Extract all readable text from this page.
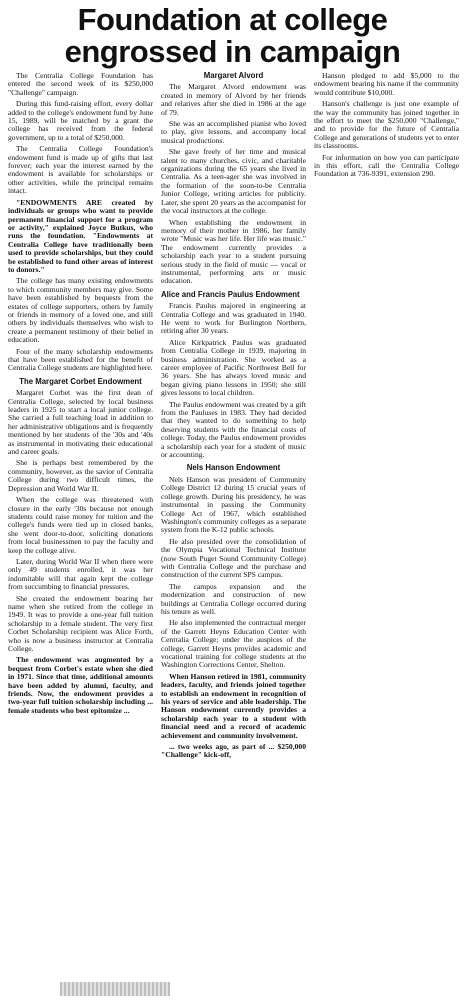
Foundation at college engrossed in campaign

The Centralia College Foundation has entered the second week of its $250,000 "Challenge" campaign.

During this fund-raising effort, every dollar added to the college's endowment fund by June 15, 1989, will be matched by a grant the college has received from the federal government, up to a total of $250,000.

The Centralia College Foundation's endowment fund is made up of gifts that last forever; each year the interest earned by the endowment is available for scholarships or other activities, while the principal remains intact.

"ENDOWMENTS ARE created by individuals or groups who want to provide permanent financial support for a program or activity," explained Joyce Butkus, who runs the foundation. "Endowments at Centralia College have traditionally been used to provide scholarships, but they could be established to fund other areas of interest to donors."

The college has many existing endowments to which community members may give. Some have been established by bequests from the estates of college supporters, others by family or friends in memory of a loved one, and still others by individuals themselves who wish to create a permanent testimony of their belief in education.

Four of the many scholarship endowments that have been established for the benefit of Centralia College students are highlighted here.

The Margaret Corbet Endowment

Margaret Corbet was the first dean of Centralia College, selected by local business leaders in 1925 to start a local junior college. She carried a full teaching load in addition to her administrative obligations and is frequently mentioned by her students of the '30s and '40s as instrumental in motivating their educational and career goals.

She is perhaps best remembered by the community, however, as the savior of Centralia College during two difficult times, the Depression and World War II.

When the college was threatened with closure in the early '30s because not enough students could raise money for tuition and the college's funds were tied up in closed banks, she went door-to-door, soliciting donations from local businessmen to pay the faculty and keep the college alive.

Later, during World War II when there were only 49 students enrolled, it was her indomitable will that again kept the college from succumbing to financial pressures.

She created the endowment bearing her name when she retired from the college in 1949. It was to provide a one-year full tuition scholarship to a female student. The very first Corbet Scholarship recipient was Alice Forth, who is now a business instructor at Centralia College.

The endowment was augmented by a bequest from Corbet's estate when she died in 1971. Since that time, additional amounts have been added by alumni, faculty, and friends. Now, the endowment provides a two-year full tuition scholarship including ... female students who best epitomize ...

Margaret Alvord

The Margaret Alvord endowment was created in memory of Alvord by her friends and relatives after she died in 1986 at the age of 79.

She was an accomplished pianist who loved to play, give lessons, and accompany local musical productions.

She gave freely of her time and musical talent to many churches, civic, and charitable organizations during the 65 years she lived in Centralia. As a teen-ager she was involved in the formation of the soon-to-be Centralia Junior College, writing articles for publicity. Later, she spent 20 years as the accompanist for the vocal instructors at the college.

When establishing the endowment in memory of their mother in 1986, her family wrote "Music was her life. Her life was music." The endowment currently provides a scholarship each year to a student pursuing serious study in the field of music — vocal or instrumental, performing arts or music education.

Alice and Francis Paulus Endowment

Francis Paulus majored in engineering at Centralia College and was graduated in 1940. He went to work for Burlington Northern, retiring after 30 years.

Alice Kirkpatrick Paulus was graduated from Centralia College in 1939, majoring in business administration. She worked as a career employee of Pacific Northwest Bell for 36 years. She has always loved music and began giving piano lessons in 1950; she still gives lessons to local children.

The Paulus endowment was created by a gift from the Pauluses in 1983. They had decided that they wanted to do something to help deserving students with the financial costs of college. Today, the Paulus endowment provides a scholarship each year for a student of music or accounting.

Nels Hanson Endowment

Nels Hanson was president of Community College District 12 during 15 crucial years of college growth. During his presidency, he was instrumental in passing the Community College Act of 1967, which established Washington's community colleges as a separate system from the K-12 public schools.

He also presided over the consolidation of the Olympia Vocational Technical Institute (now South Puget Sound Community College) with Centralia College and the purchase and construction of the current SPS campus.

The campus expansion and the modernization and construction of new buildings at Centralia College occurred during his tenure as well.

He also implemented the contractual merger of the Garrett Heyns Education Center with Centralia College; under the auspices of the college, Garrett Heyns provides academic and vocational training for college students at the Washington Corrections Center, Shelton.

When Hanson retired in 1981, community leaders, faculty, and friends joined together to establish an endowment in recognition of his years of service and able leadership. The Hanson endowment currently provides a scholarship each year to a student with financial need and a record of academic achievement and community involvement.

... two weeks ago, as part of ... $250,000 "Challenge" kick-off,

Hanson pledged to add $5,000 to the endowment bearing his name if the community would contribute $10,000.

Hanson's challenge is just one example of the way the community has joined together in the effort to meet the $250,000 "Challenge," and to provide for the future of Centralia College and generations of students yet to enter its classrooms.

For information on how you can participate in this effort, call the Centralia College Foundation at 736-9391, extension 290.
